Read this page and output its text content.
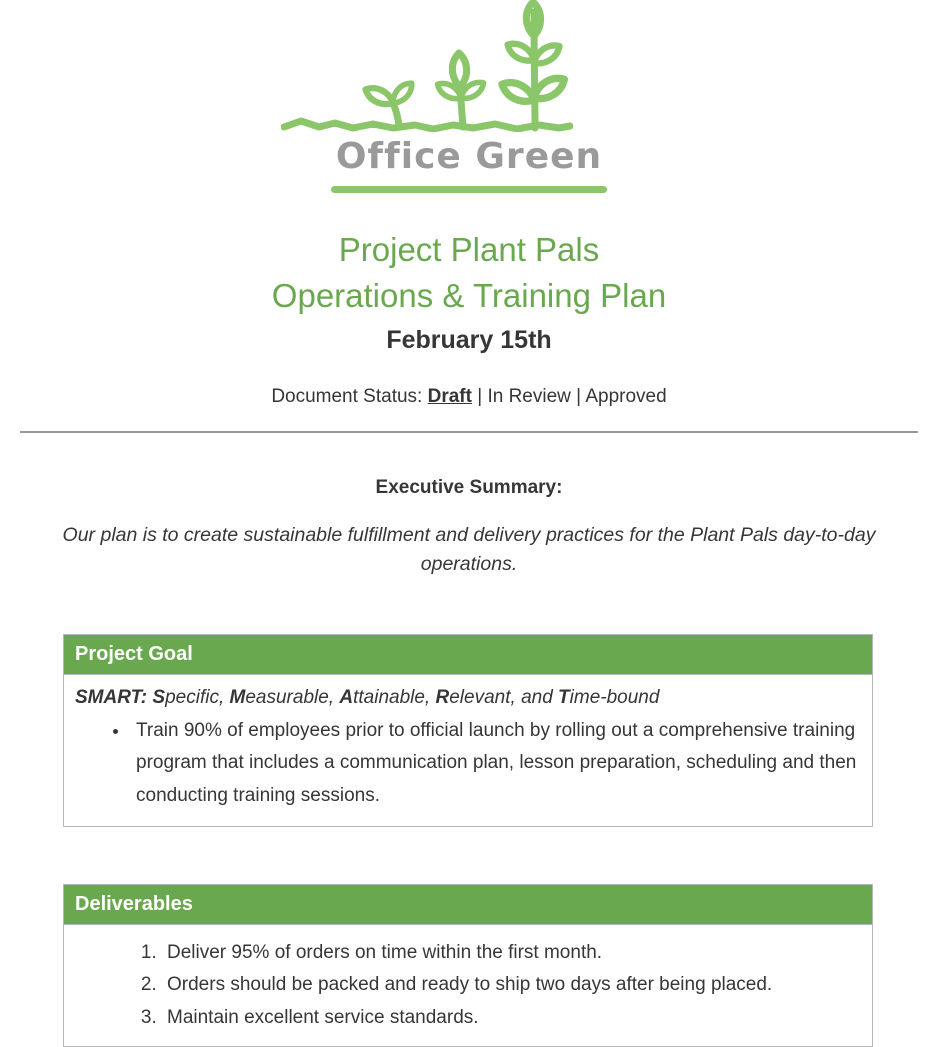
Office Green
Project Plant Pals
Operations & Training Plan
February 15th
Document Status: Draft | In Review | Approved
Executive Summary:

Our plan is to create sustainable fulfillment and delivery practices for the Plant Pals day-to-day operations.

Project Goal

SMART: Specific, Measurable, Attainable, Relevant, and Time-bound

• Train 90% of employees prior to official launch by rolling out a comprehensive training program that includes a communication plan, lesson preparation, scheduling and then conducting training sessions.
Deliverables
1. Deliver 95% of orders on time within the first month.
2. Orders should be packed and ready to ship two days after being placed.
3. Maintain excellent service standards.
